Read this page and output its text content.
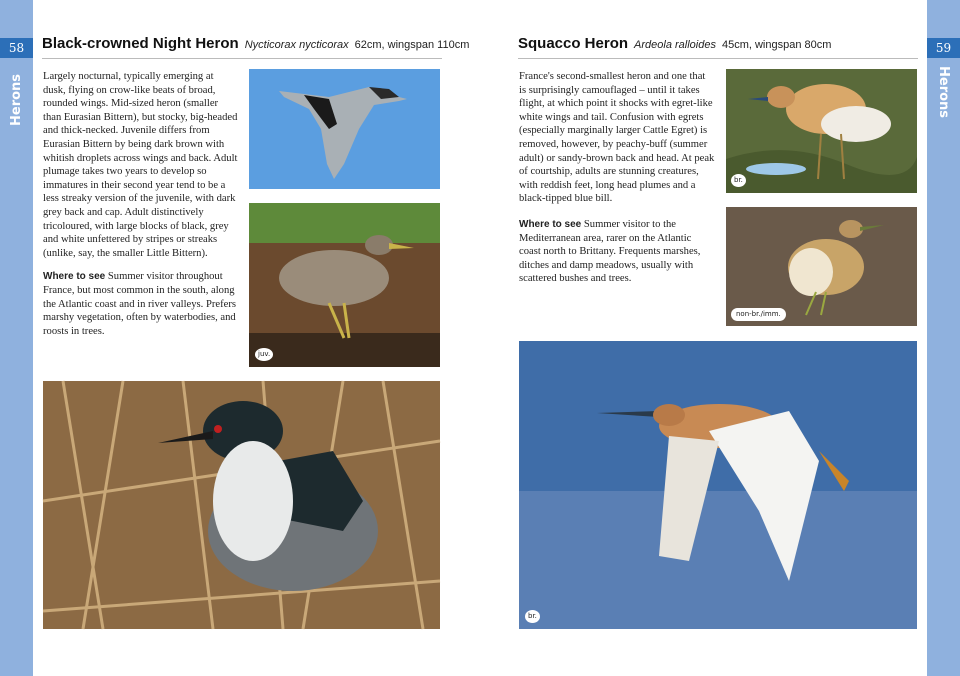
58	59
Herons	Herons
Black-crowned Night Heron Nycticorax nycticorax 62cm, wingspan 110cm

Largely nocturnal, typically emerging at dusk, flying on crow-like beats of broad, rounded wings. Mid-sized heron (smaller than Eurasian Bittern), but stocky, big-headed and thick-necked. Juvenile differs from Eurasian Bittern by being dark brown with whitish droplets across wings and back. Adult plumage takes two years to develop so immatures in their second year tend to be a less streaky version of the juvenile, with dark grey back and cap. Adult distinctively tricoloured, with large blocks of black, grey and white unfettered by stripes or streaks (unlike, say, the smaller Little Bittern).

Where to see Summer visitor throughout France, but most common in the south, along the Atlantic coast and in river valleys. Prefers marshy vegetation, often by waterbodies, and roosts in trees.

juv.
Squacco Heron Ardeola ralloides 45cm, wingspan 80cm

France's second-smallest heron and one that is surprisingly camouflaged – until it takes flight, at which point it shocks with egret-like white wings and tail. Confusion with egrets (especially marginally larger Cattle Egret) is removed, however, by peachy-buff (summer adult) or sandy-brown back and head. At peak of courtship, adults are stunning creatures, with reddish feet, long head plumes and a black-tipped blue bill.

Where to see Summer visitor to the Mediterranean area, rarer on the Atlantic coast north to Brittany. Frequents marshes, ditches and damp meadows, usually with scattered bushes and trees.

br.
non-br./imm.
br.
